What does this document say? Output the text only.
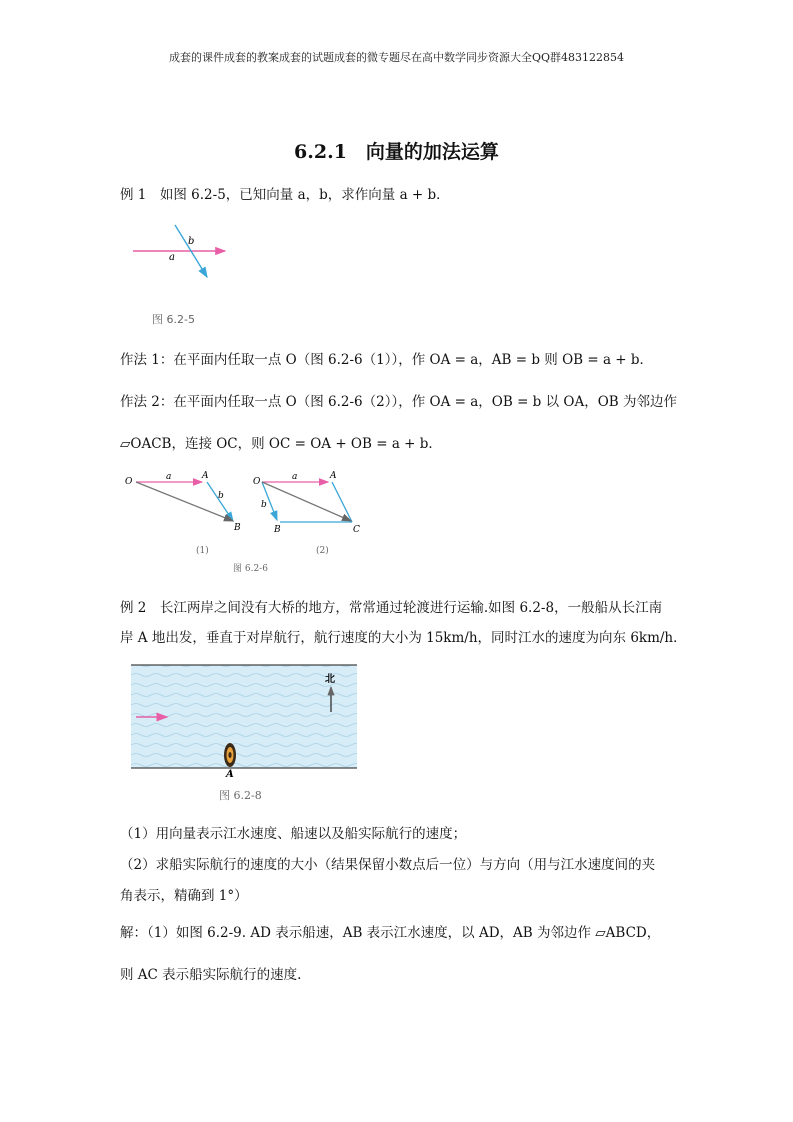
成套的课件成套的教案成套的试题成套的微专题尽在高中数学同步资源大全QQ群483122854
6.2.1　向量的加法运算
例 1　如图 6.2-5，已知向量 a，b，求作向量 a + b．
b
a
图 6.2-5
作法 1：在平面内任取一点 O（图 6.2-6（1）），作 OA = a，AB = b 则 OB = a + b．
作法 2：在平面内任取一点 O（图 6.2-6（2）），作 OA = a，OB = b 以 OA，OB 为邻边作
▱OACB，连接 OC，则 OC = OA + OB = a + b．
O
A
B
a
b
(1)
O
A
B	C
a
b
(2)
图 6.2-6
例 2　长江两岸之间没有大桥的地方，常常通过轮渡进行运输.如图 6.2-8，一般船从长江南
岸 A 地出发，垂直于对岸航行，航行速度的大小为 15km/h，同时江水的速度为向东 6km/h．
北
A
图 6.2-8
（1）用向量表示江水速度、船速以及船实际航行的速度；
（2）求船实际航行的速度的大小（结果保留小数点后一位）与方向（用与江水速度间的夹
角表示，精确到 1°）
解：（1）如图 6.2-9. AD 表示船速，AB 表示江水速度，以 AD，AB 为邻边作 ▱ABCD，
则 AC 表示船实际航行的速度.
